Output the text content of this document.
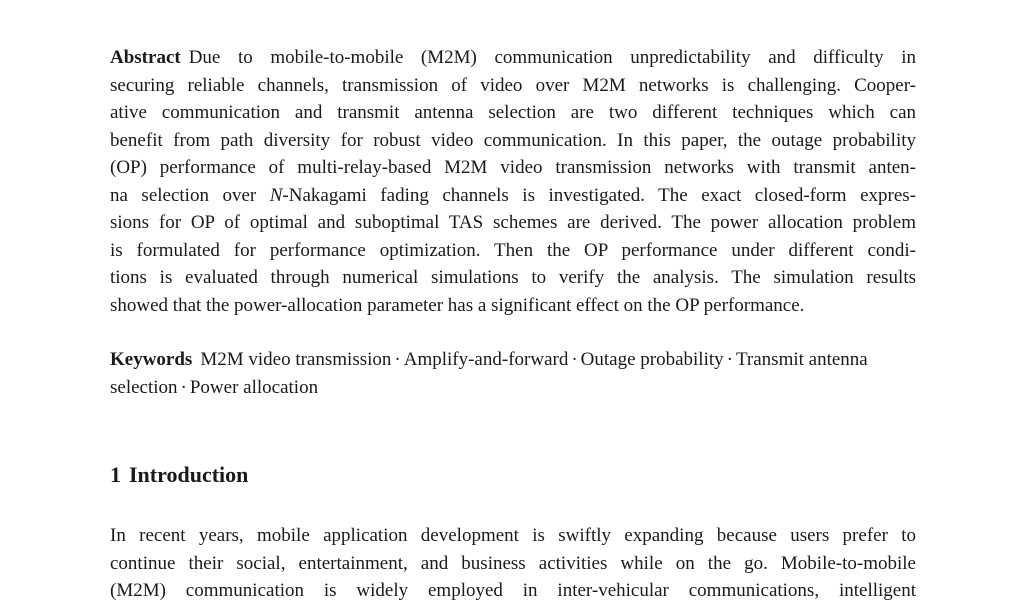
Abstract Due to mobile-to-mobile (M2M) communication unpredictability and difficulty in
securing reliable channels, transmission of video over M2M networks is challenging. Cooper-
ative communication and transmit antenna selection are two different techniques which can
benefit from path diversity for robust video communication. In this paper, the outage probability
(OP) performance of multi-relay-based M2M video transmission networks with transmit anten-
na selection over N-Nakagami fading channels is investigated. The exact closed-form expres-
sions for OP of optimal and suboptimal TAS schemes are derived. The power allocation problem
is formulated for performance optimization. Then the OP performance under different condi-
tions is evaluated through numerical simulations to verify the analysis. The simulation results
showed that the power-allocation parameter has a significant effect on the OP performance.
Keywords M2M video transmission · Amplify-and-forward · Outage probability · Transmit antenna selection · Power allocation
1 Introduction
In recent years, mobile application development is swiftly expanding because users prefer to
continue their social, entertainment, and business activities while on the go. Mobile-to-mobile
(M2M) communication is widely employed in inter-vehicular communications, intelligent
